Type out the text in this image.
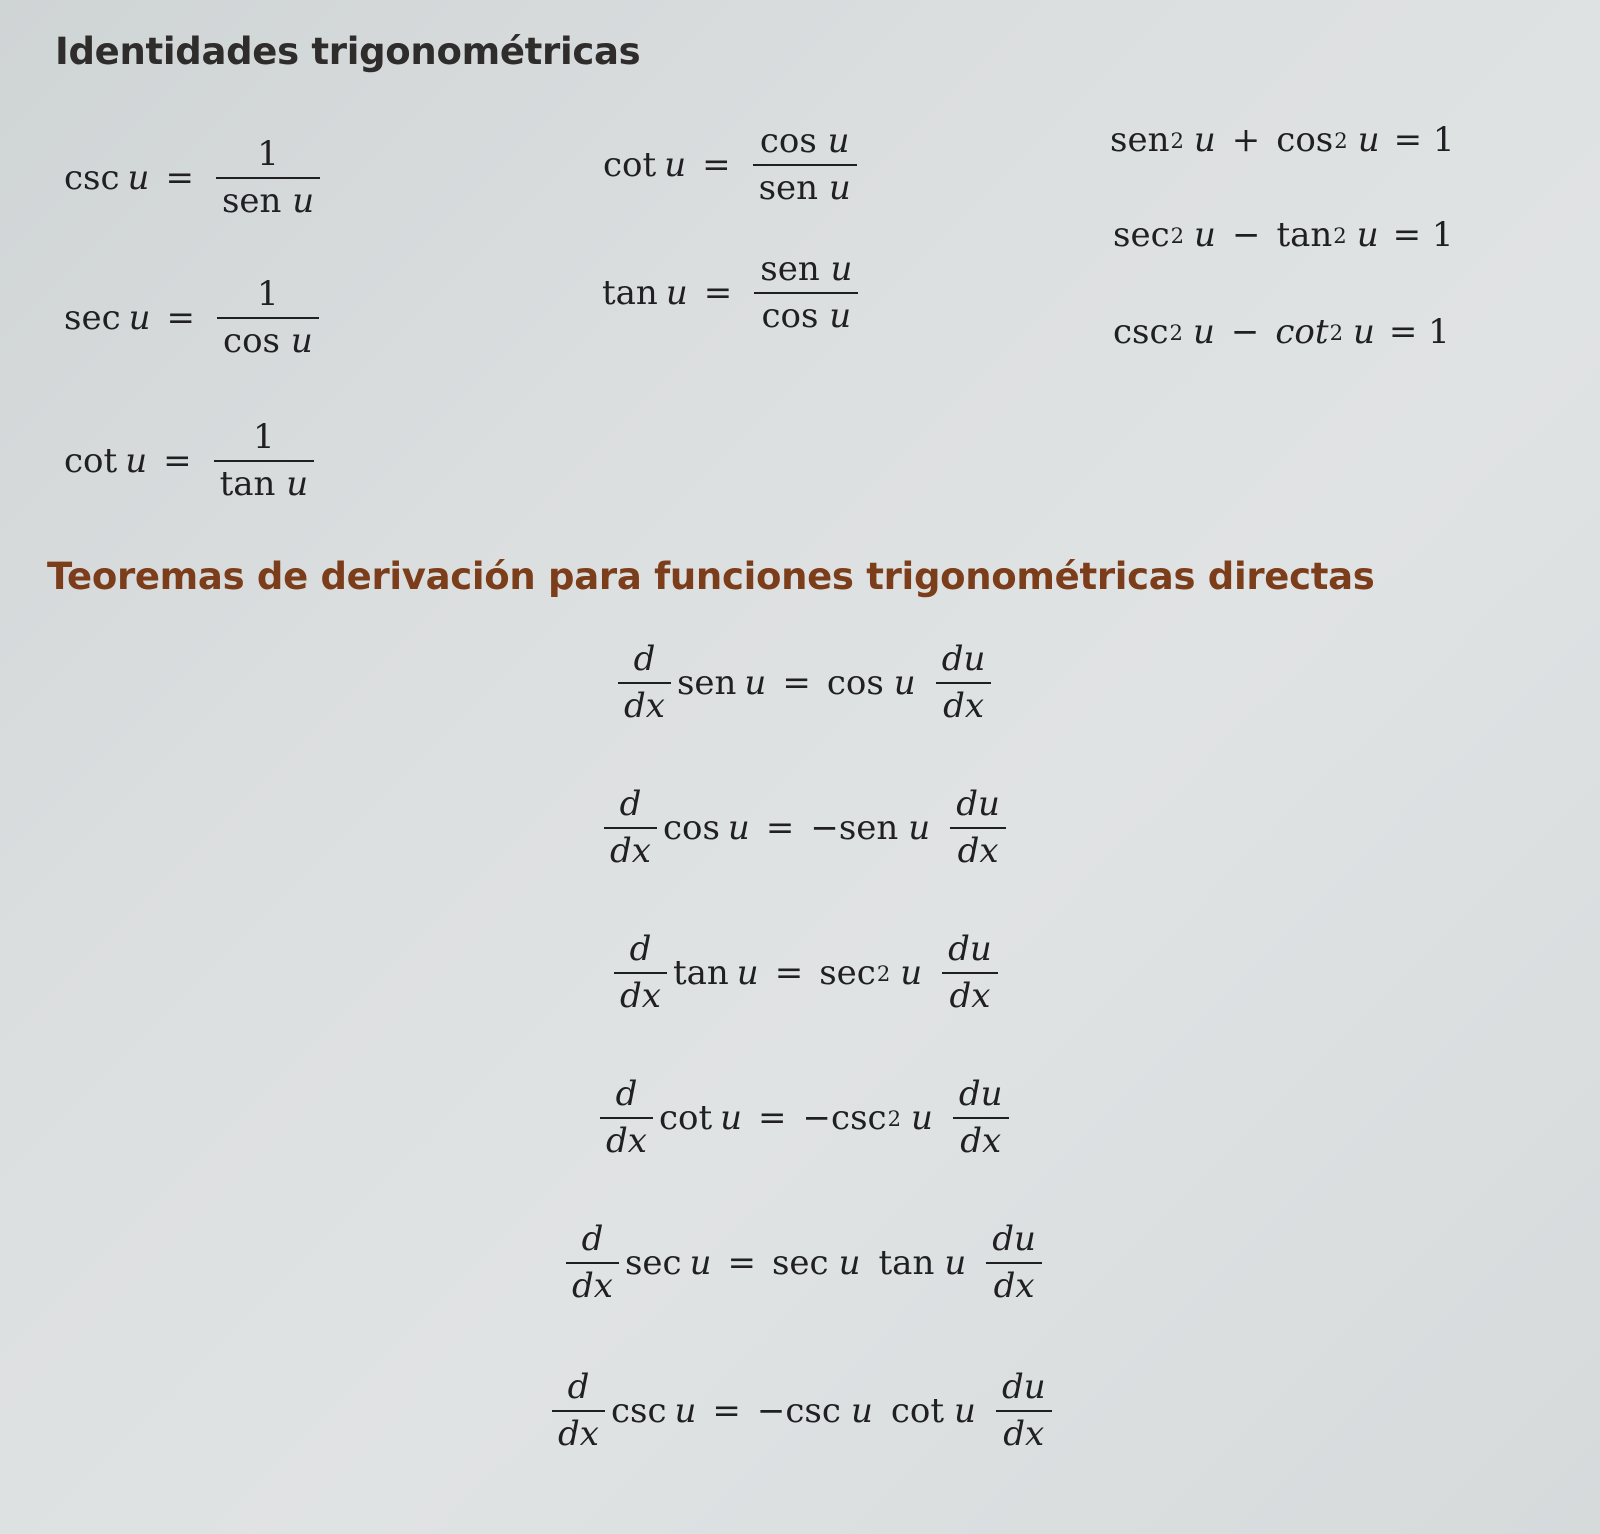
Identidades trigonométricas
$\csc u = \frac{1}{\text{sen u}}$
$\sec u = \frac{1}{\text{cos u}}$
$\cot u = \frac{1}{\text{tan u}}$
$\cot u = \frac{\text{cos u}}{\text{sen u}}$
$\tan u = \frac{\text{sen u}}{\text{cos u}}$
sen 2 u + cos 2 u = 1
sec 2 u − tan 2 u = 1
csc 2 u − cot 2 u = 1
Teoremas de derivación para funciones trigonométricas directas
$\frac{d}{dx}$ sen u = cos u $\frac{du}{dx}$
$\frac{d}{dx}$ cos u = −sen u $\frac{du}{dx}$
$\frac{d}{dx}$ tan u = sec 2 u $\frac{du}{dx}$
$\frac{d}{dx}$ cot u = −csc 2 u $\frac{du}{dx}$
$\frac{d}{dx}$ sec u = sec u tan u $\frac{du}{dx}$
$\frac{d}{dx}$ csc u = −csc u cot u $\frac{du}{dx}$
